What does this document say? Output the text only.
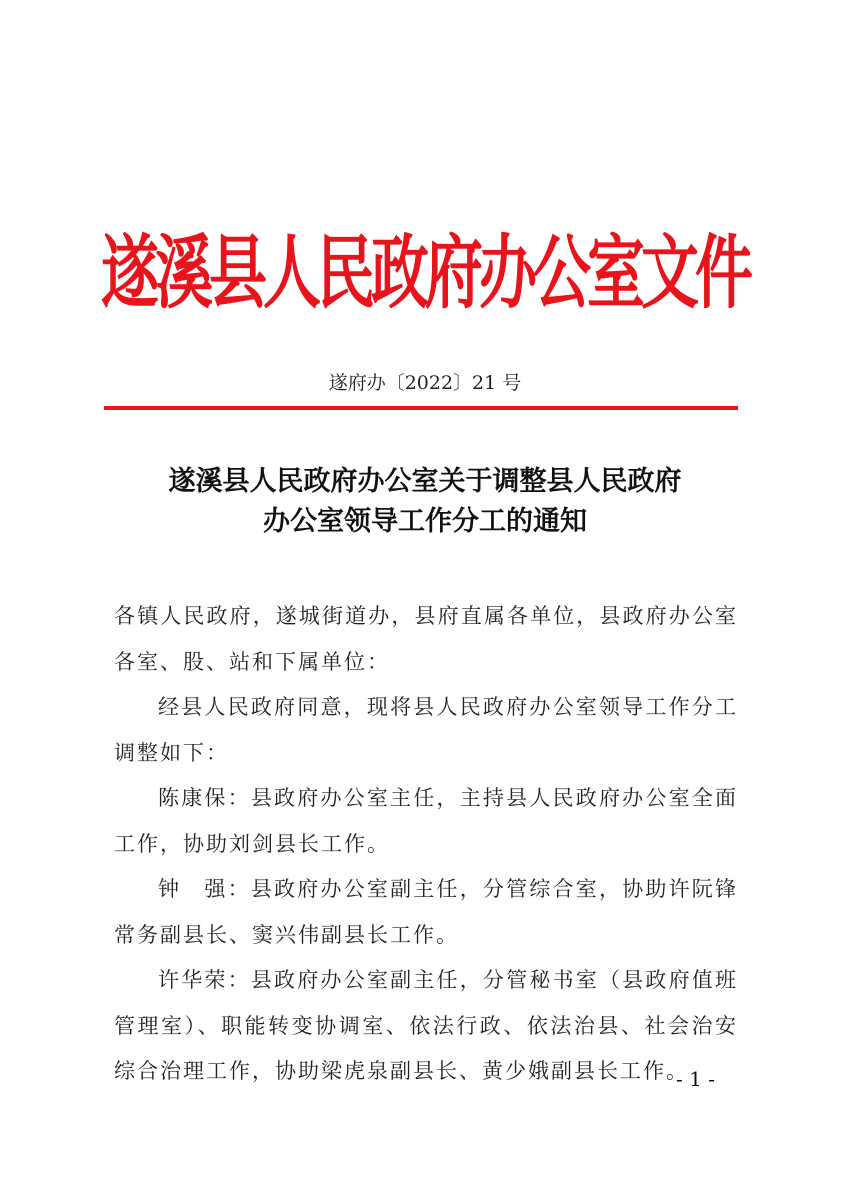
遂溪县人民政府办公室文件
遂府办〔2022〕21 号
遂溪县人民政府办公室关于调整县人民政府
办公室领导工作分工的通知

各镇人民政府，遂城街道办，县府直属各单位，县政府办公室各室、股、站和下属单位：

经县人民政府同意，现将县人民政府办公室领导工作分工调整如下：

陈康保：县政府办公室主任，主持县人民政府办公室全面工作，协助刘剑县长工作。

钟　强：县政府办公室副主任，分管综合室，协助许阮锋常务副县长、窦兴伟副县长工作。

许华荣：县政府办公室副主任，分管秘书室（县政府值班管理室）、职能转变协调室、依法行政、依法治县、社会治安综合治理工作，协助梁虎泉副县长、黄少娥副县长工作。

- 1 -
